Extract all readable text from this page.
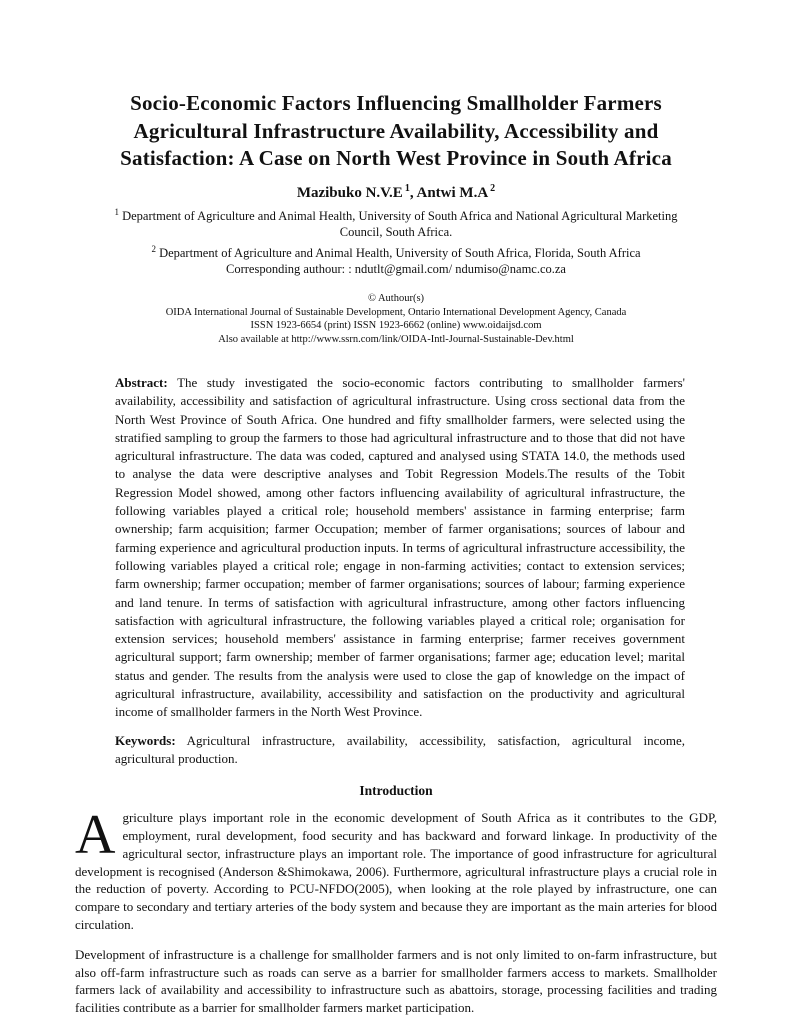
Socio-Economic Factors Influencing Smallholder Farmers
Agricultural Infrastructure Availability, Accessibility and
Satisfaction: A Case on North West Province in South Africa
Mazibuko N.V.E $^1$, Antwi M.A $^2$
$^1$ Department of Agriculture and Animal Health, University of South Africa and National Agricultural Marketing Council, South Africa.
$^2$ Department of Agriculture and Animal Health, University of South Africa, Florida, South Africa
Corresponding authour: : ndutlt@gmail.com/ ndumiso@namc.co.za
© Authour(s)
OIDA International Journal of Sustainable Development, Ontario International Development Agency, Canada
ISSN 1923-6654 (print) ISSN 1923-6662 (online) www.oidaijsd.com
Also available at http://www.ssrn.com/link/OIDA-Intl-Journal-Sustainable-Dev.html

Abstract: The study investigated the socio-economic factors contributing to smallholder farmers' availability, accessibility and satisfaction of agricultural infrastructure. Using cross sectional data from the North West Province of South Africa. One hundred and fifty smallholder farmers, were selected using the stratified sampling to group the farmers to those had agricultural infrastructure and to those that did not have agricultural infrastructure. The data was coded, captured and analysed using STATA 14.0, the methods used to analyse the data were descriptive analyses and Tobit Regression Models.The results of the Tobit Regression Model showed, among other factors influencing availability of agricultural infrastructure, the following variables played a critical role; household members' assistance in farming enterprise; farm ownership; farm acquisition; farmer Occupation; member of farmer organisations; sources of labour and farming experience and agricultural production inputs. In terms of agricultural infrastructure accessibility, the following variables played a critical role; engage in non-farming activities; contact to extension services; farm ownership; farmer occupation; member of farmer organisations; sources of labour; farming experience and land tenure. In terms of satisfaction with agricultural infrastructure, among other factors influencing satisfaction with agricultural infrastructure, the following variables played a critical role; organisation for extension services; household members' assistance in farming enterprise; farmer receives government agricultural support; farm ownership; member of farmer organisations; farmer age; education level; marital status and gender. The results from the analysis were used to close the gap of knowledge on the impact of agricultural infrastructure, availability, accessibility and satisfaction on the productivity and agricultural income of smallholder farmers in the North West Province.

Keywords: Agricultural infrastructure, availability, accessibility, satisfaction, agricultural income, agricultural production.

Introduction

Agriculture plays important role in the economic development of South Africa as it contributes to the GDP, employment, rural development, food security and has backward and forward linkage. In productivity of the agricultural sector, infrastructure plays an important role. The importance of good infrastructure for agricultural development is recognised (Anderson &Shimokawa, 2006). Furthermore, agricultural infrastructure plays a crucial role in the reduction of poverty. According to PCU-NFDO(2005), when looking at the role played by infrastructure, one can compare to secondary and tertiary arteries of the body system and because they are important as the main arteries for blood circulation.

Development of infrastructure is a challenge for smallholder farmers and is not only limited to on-farm infrastructure, but also off-farm infrastructure such as roads can serve as a barrier for smallholder farmers access to markets. Smallholder farmers lack of availability and accessibility to infrastructure such as abattoirs, storage, processing facilities and trading facilities contribute as a barrier for smallholder farmers market participation.
